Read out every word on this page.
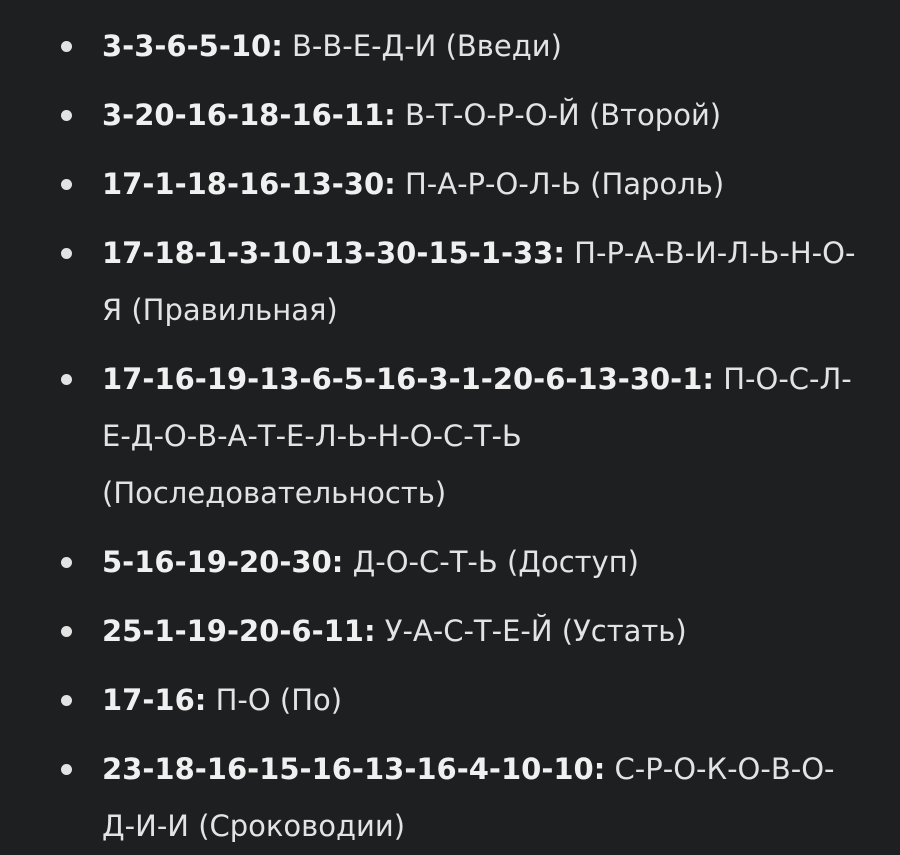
3-3-6-5-10: В-В-Е-Д-И (Введи)
3-20-16-18-16-11: В-Т-О-Р-О-Й (Второй)
17-1-18-16-13-30: П-А-Р-О-Л-Ь (Пароль)
17-18-1-3-10-13-30-15-1-33: П-Р-А-В-И-Л-Ь-Н-О-Я (Правильная)
17-16-19-13-6-5-16-3-1-20-6-13-30-1: П-О-С-Л-Е-Д-О-В-А-Т-Е-Л-Ь-Н-О-С-Т-Ь (Последовательность)
5-16-19-20-30: Д-О-С-Т-Ь (Доступ)
25-1-19-20-6-11: У-А-С-Т-Е-Й (Устать)
17-16: П-О (По)
23-18-16-15-16-13-16-4-10-10: С-Р-О-К-О-В-О-Д-И-И (Сроководии)
